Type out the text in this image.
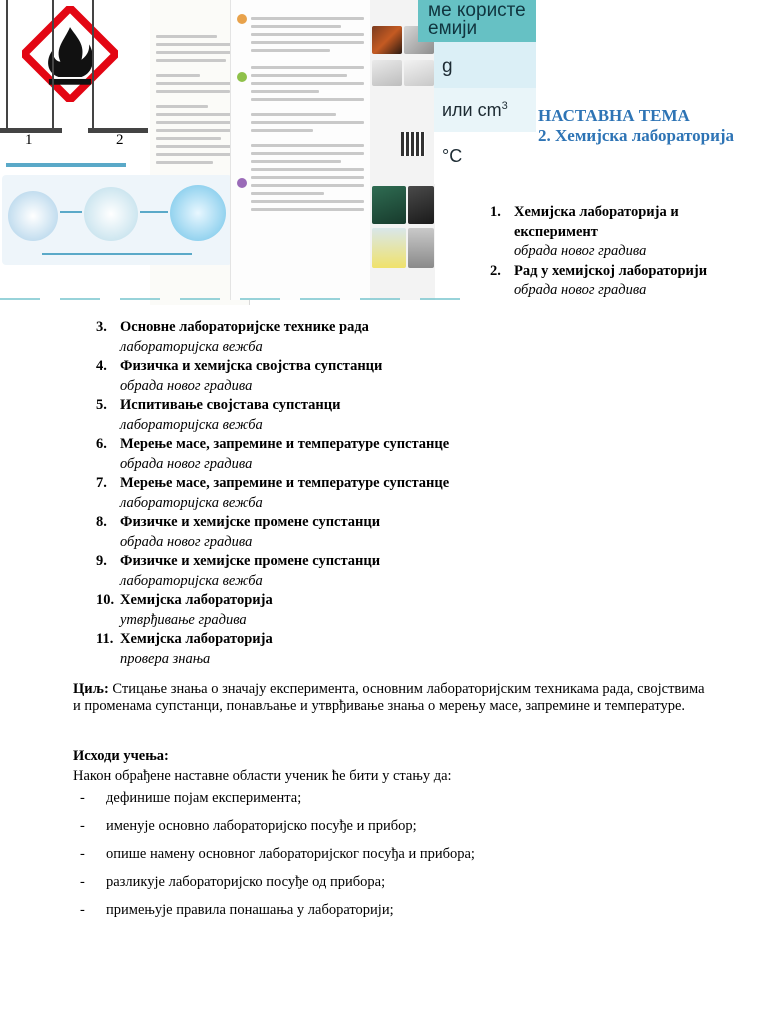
1	2
ме користе
емији
g
или $cm^3$
°C
НАСТАВНА ТЕМА
2. Хемијска лабораторија
1. Хемијска лабораторија и експеримент
обрада новог градива
2. Рад у хемијској лабораторији
обрада новог градива
3. Основне лабораторијске технике рада
лабораторијска вежба
4. Физичка и хемијска својства супстанци
обрада новог градива
5. Испитивање својстава супстанци
лабораторијска вежба
6. Мерење масе, запремине и температуре супстанце
обрада новог градива
7. Мерење масе, запремине и температуре супстанце
лабораторијска вежба
8. Физичке и хемијске промене супстанци
обрада новог градива
9. Физичке и хемијске промене супстанци
лабораторијска вежба
10. Хемијска лабораторија
утврђивање градива
11. Хемијска лабораторија
провера знања
Циљ: Стицање знања о значају експеримента, основним лабораторијским техникама рада, својствима и променама супстанци, понављање и утврђивање знања о мерењу масе, запремине и температуре.
Исходи учења:
Након обрађене наставне области ученик ће бити у стању да:
- дефинише појам експеримента;
- именује основно лабораторијско посуђе и прибор;
- опише намену основног лабораторијског посуђа и прибора;
- разликује лабораторијско посуђе од прибора;
- примењује правила понашања у лабораторији;
